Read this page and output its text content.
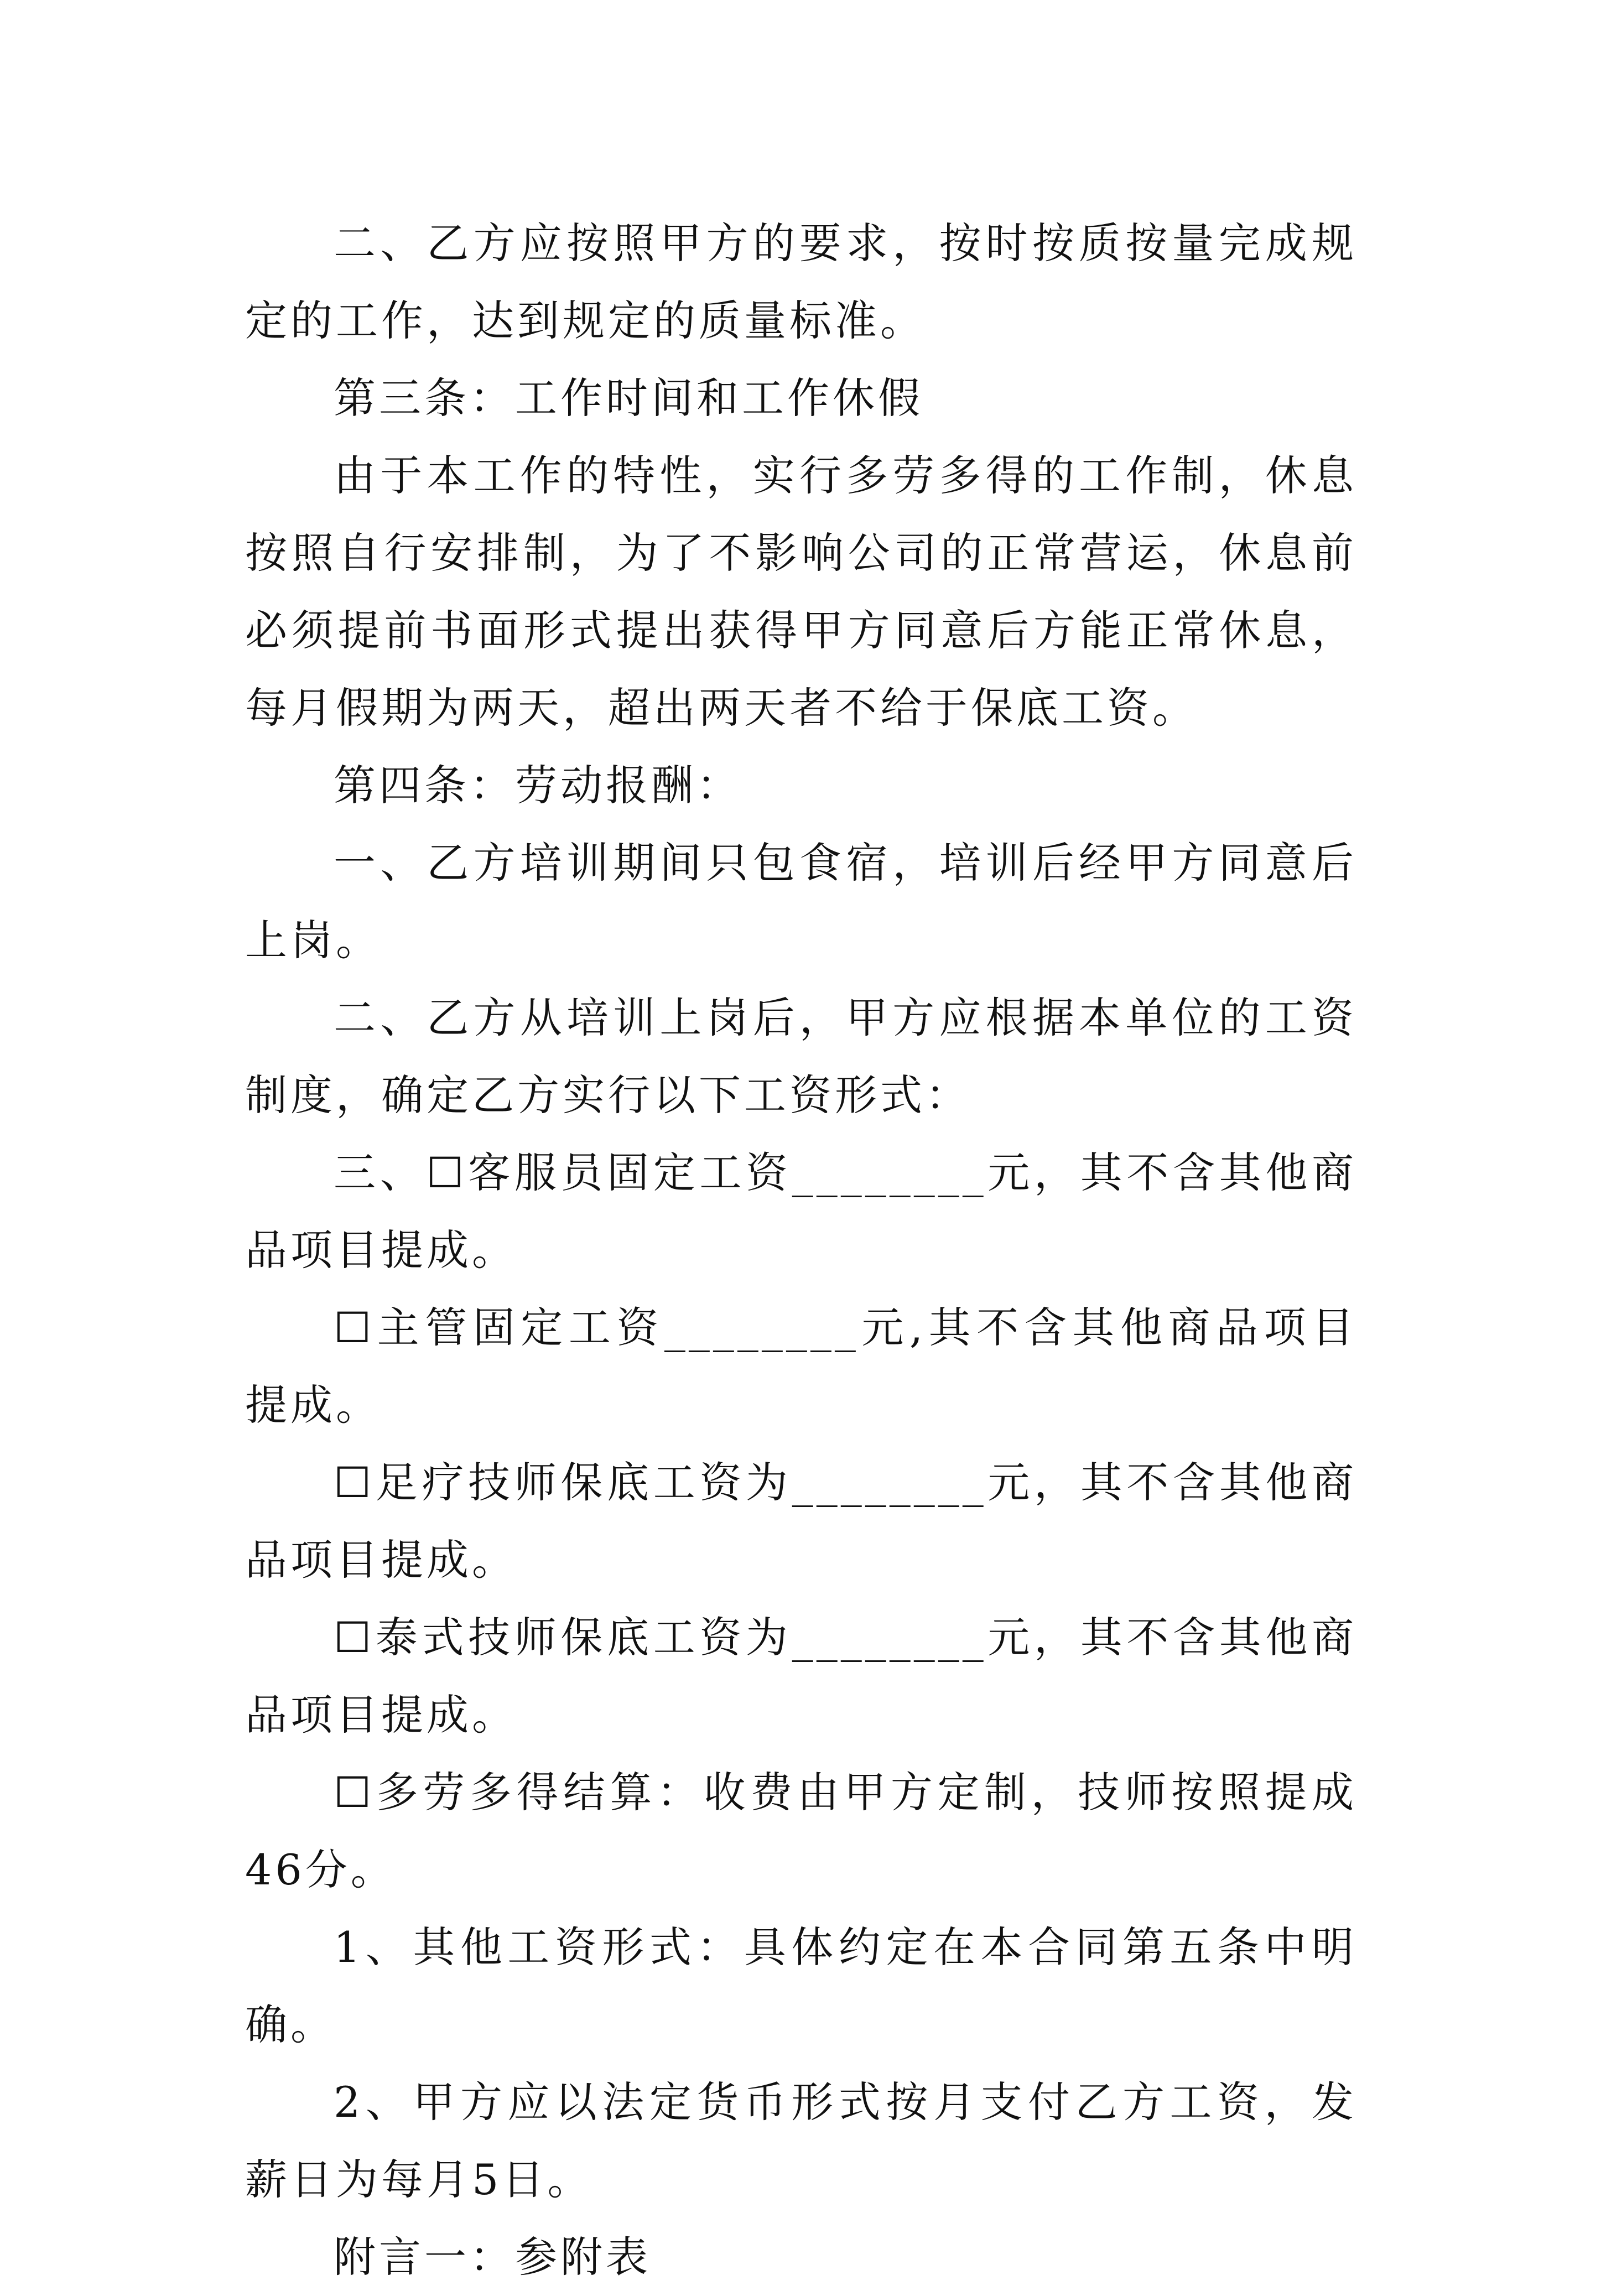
二、乙方应按照甲方的要求，按时按质按量完成规定的工作，达到规定的质量标准。

第三条：工作时间和工作休假

由于本工作的特性，实行多劳多得的工作制，休息按照自行安排制，为了不影响公司的正常营运，休息前必须提前书面形式提出获得甲方同意后方能正常休息，每月假期为两天，超出两天者不给于保底工资。

第四条：劳动报酬：

一、乙方培训期间只包食宿，培训后经甲方同意后上岗。

二、乙方从培训上岗后，甲方应根据本单位的工资制度，确定乙方实行以下工资形式：

三、☐客服员固定工资________元，其不含其他商品项目提成。

☐主管固定工资________元,其不含其他商品项目提成。

☐足疗技师保底工资为________元，其不含其他商品项目提成。

☐泰式技师保底工资为________元，其不含其他商品项目提成。

☐多劳多得结算：收费由甲方定制，技师按照提成46分。

1、其他工资形式：具体约定在本合同第五条中明确。

2、甲方应以法定货币形式按月支付乙方工资，发薪日为每月5日。

附言一：参附表
